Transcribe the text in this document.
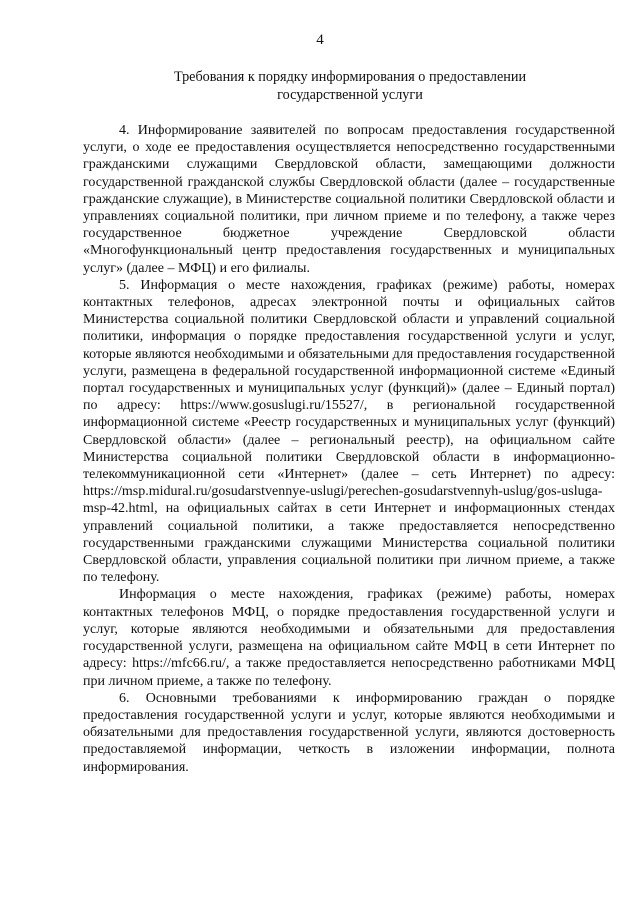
4
Требования к порядку информирования о предоставлении
государственной услуги

4. Информирование заявителей по вопросам предоставления государственной услуги, о ходе ее предоставления осуществляется непосредственно государственными гражданскими служащими Свердловской области, замещающими должности государственной гражданской службы Свердловской области (далее – государственные гражданские служащие), в Министерстве социальной политики Свердловской области и управлениях социальной политики, при личном приеме и по телефону, а также через государственное бюджетное учреждение Свердловской области «Многофункциональный центр предоставления государственных и муниципальных услуг» (далее – МФЦ) и его филиалы.

5. Информация о месте нахождения, графиках (режиме) работы, номерах контактных телефонов, адресах электронной почты и официальных сайтов Министерства социальной политики Свердловской области и управлений социальной политики, информация о порядке предоставления государственной услуги и услуг, которые являются необходимыми и обязательными для предоставления государственной услуги, размещена в федеральной государственной информационной системе «Единый портал государственных и муниципальных услуг (функций)» (далее – Единый портал) по адресу: https://www.gosuslugi.ru/15527/, в региональной государственной информационной системе «Реестр государственных и муниципальных услуг (функций) Свердловской области» (далее – региональный реестр), на официальном сайте Министерства социальной политики Свердловской области в информационно-телекоммуникационной сети «Интернет» (далее – сеть Интернет) по адресу: https://msp.midural.ru/gosudarstvennye-uslugi/perechen-gosudarstvennyh-uslug/gos-usluga-msp-42.html, на официальных сайтах в сети Интернет и информационных стендах управлений социальной политики, а также предоставляется непосредственно государственными гражданскими служащими Министерства социальной политики Свердловской области, управления социальной политики при личном приеме, а также по телефону.

Информация о месте нахождения, графиках (режиме) работы, номерах контактных телефонов МФЦ, о порядке предоставления государственной услуги и услуг, которые являются необходимыми и обязательными для предоставления государственной услуги, размещена на официальном сайте МФЦ в сети Интернет по адресу: https://mfc66.ru/, а также предоставляется непосредственно работниками МФЦ при личном приеме, а также по телефону.

6. Основными требованиями к информированию граждан о порядке предоставления государственной услуги и услуг, которые являются необходимыми и обязательными для предоставления государственной услуги, являются достоверность предоставляемой информации, четкость в изложении информации, полнота информирования.
